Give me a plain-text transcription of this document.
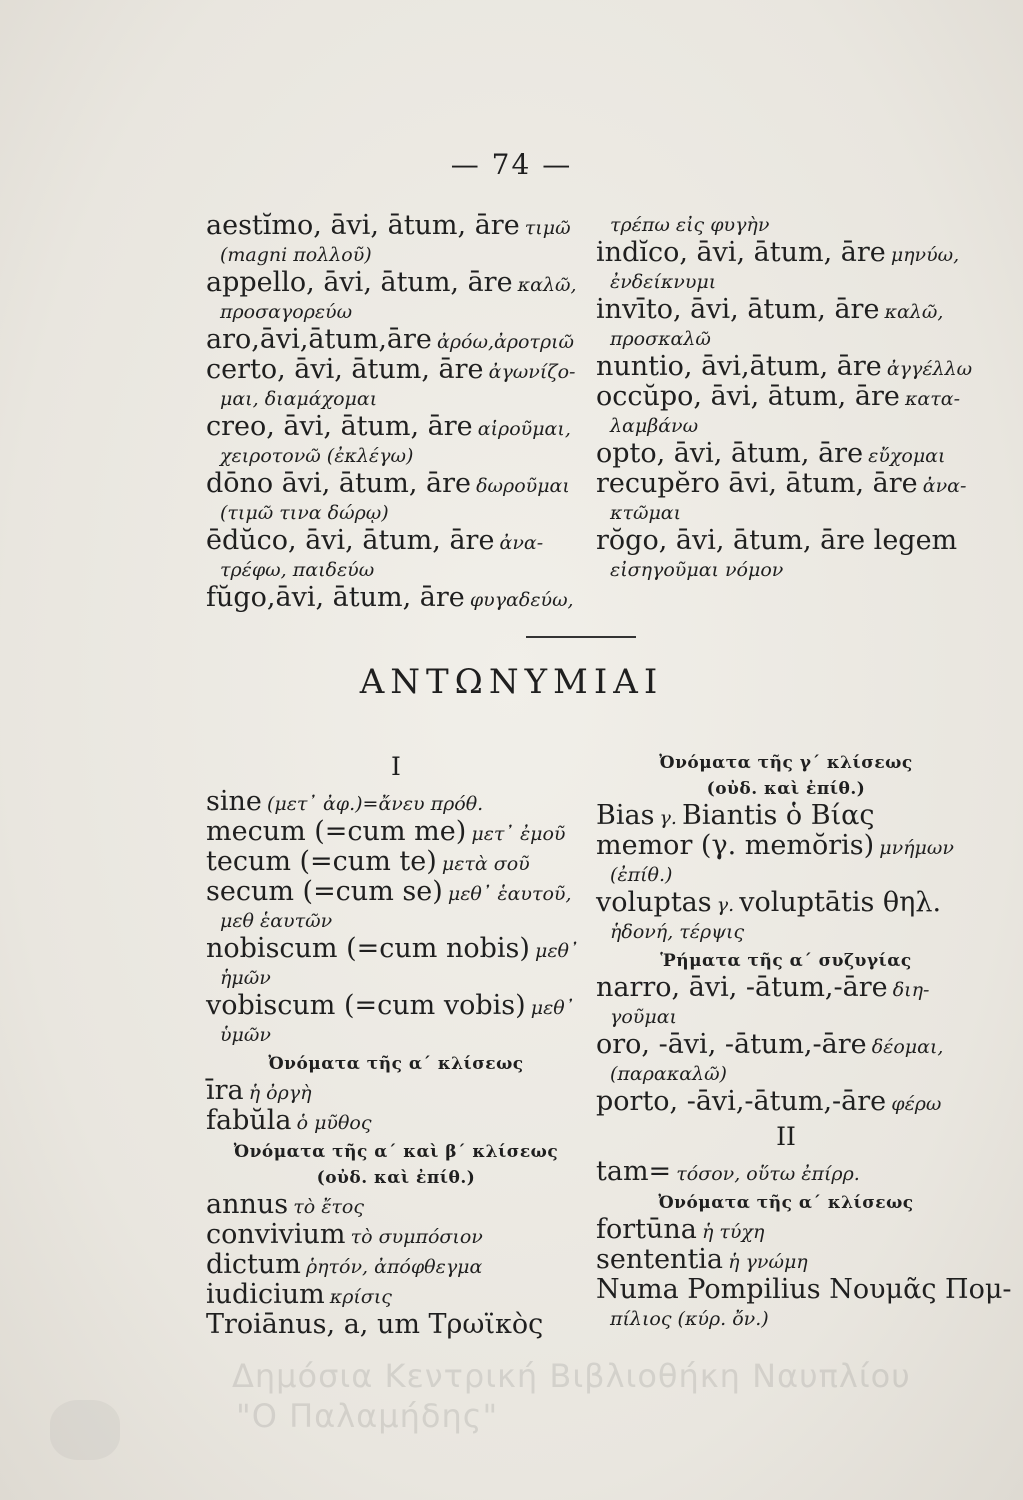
— 74 —
aestĭmo, āvi, ātum, āre τιμῶ
(magni πολλοῦ)
appello, āvi, ātum, āre καλῶ,
προσαγορεύω
aro,āvi,ātum,āre ἀρόω,ἀροτριῶ
certo, āvi, ātum, āre ἀγωνίζο-
μαι, διαμάχομαι
creo, āvi, ātum, āre αἱροῦμαι,
χειροτονῶ (ἐκλέγω)
dōno āvi, ātum, āre δωροῦμαι
(τιμῶ τινα δώρῳ)
ēdŭco, āvi, ātum, āre ἀνα-
τρέφω, παιδεύω
fŭgo,āvi, ātum, āre φυγαδεύω,
τρέπω εἰς φυγὴν
indĭco, āvi, ātum, āre μηνύω,
ἐνδείκνυμι
invīto, āvi, ātum, āre καλῶ,
προσκαλῶ
nuntio, āvi,ātum, āre ἀγγέλλω
occŭpo, āvi, ātum, āre κατα-
λαμβάνω
opto, āvi, ātum, āre εὔχομαι
recupĕro āvi, ātum, āre ἀνα-
κτῶμαι
rŏgo, āvi, ātum, āre legem
εἰσηγοῦμαι νόμον
ΑΝΤΩΝΥΜΙΑΙ
I
sine (μετ᾽ ἀφ.)=ἄνευ πρόθ.
mecum (=cum me) μετ᾽ ἐμοῦ
tecum (=cum te) μετὰ σοῦ
secum (=cum se) μεθ᾽ ἑαυτοῦ,
μεθ ἑαυτῶν
nobiscum (=cum nobis) μεθ᾽
ἡμῶν
vobiscum (=cum vobis) μεθ᾽
ὑμῶν
Ὀνόματα τῆς α΄ κλίσεως
īra ἡ ὀργὴ
fabŭla ὁ μῦθος
Ὀνόματα τῆς α΄ καὶ β΄ κλίσεως
(οὐδ. καὶ ἐπίθ.)
annus τὸ ἔτος
convivium τὸ συμπόσιον
dictum ῥητόν, ἀπόφθεγμα
iudicium κρίσις
Troiānus, a, um Τρωϊκὸς
Ὀνόματα τῆς γ΄ κλίσεως
(οὐδ. καὶ ἐπίθ.)
Bias γ. Biantis ὁ Βίας
memor (γ. memŏris) μνήμων
(ἐπίθ.)
voluptas γ. voluptātis θηλ.
ἡδονή, τέρψις
Ῥήματα τῆς α΄ συζυγίας
narro, āvi, -ātum,-āre διη-
γοῦμαι
oro, -āvi, -ātum,-āre δέομαι,
(παρακαλῶ)
porto, -āvi,-ātum,-āre φέρω
II
tam= τόσον, οὕτω ἐπίρρ.
Ὀνόματα τῆς α΄ κλίσεως
fortūna ἡ τύχη
sententia ἡ γνώμη
Numa Pompilius Νουμᾶς Πομ-
πίλιος (κύρ. ὄν.)
Δημόσια Κεντρική Βιβλιοθήκη Ναυπλίου
"Ο Παλαμήδης"
